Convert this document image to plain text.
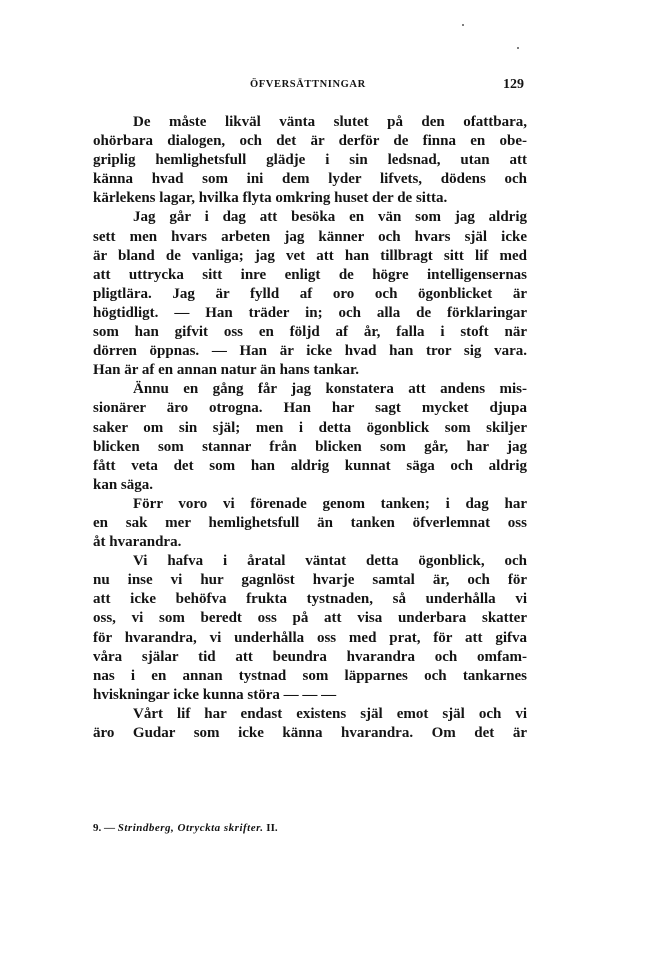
ÖFVERSÄTTNINGAR	129
De måste likväl vänta slutet på den ofattbara,
ohörbara dialogen, och det är derför de finna en obe-
griplig hemlighetsfull glädje i sin ledsnad, utan att
känna hvad som ini dem lyder lifvets, dödens och
kärlekens lagar, hvilka flyta omkring huset der de sitta.
Jag går i dag att besöka en vän som jag aldrig
sett men hvars arbeten jag känner och hvars själ icke
är bland de vanliga; jag vet att han tillbragt sitt lif med
att uttrycka sitt inre enligt de högre intelligensernas
pligtlära. Jag är fylld af oro och ögonblicket är
högtidligt. — Han träder in; och alla de förklaringar
som han gifvit oss en följd af år, falla i stoft när
dörren öppnas. — Han är icke hvad han tror sig vara.
Han är af en annan natur än hans tankar.
Ännu en gång får jag konstatera att andens mis-
sionärer äro otrogna. Han har sagt mycket djupa
saker om sin själ; men i detta ögonblick som skiljer
blicken som stannar från blicken som går, har jag
fått veta det som han aldrig kunnat säga och aldrig
kan säga.
Förr voro vi förenade genom tanken; i dag har
en sak mer hemlighetsfull än tanken öfverlemnat oss
åt hvarandra.
Vi hafva i åratal väntat detta ögonblick, och
nu inse vi hur gagnlöst hvarje samtal är, och för
att icke behöfva frukta tystnaden, så underhålla vi
oss, vi som beredt oss på att visa underbara skatter
för hvarandra, vi underhålla oss med prat, för att gifva
våra själar tid att beundra hvarandra och omfam-
nas i en annan tystnad som läpparnes och tankarnes
hviskningar icke kunna störa — — —
Vårt lif har endast existens själ emot själ och vi
äro Gudar som icke känna hvarandra. Om det är
9. — Strindberg, Otryckta skrifter. II.
